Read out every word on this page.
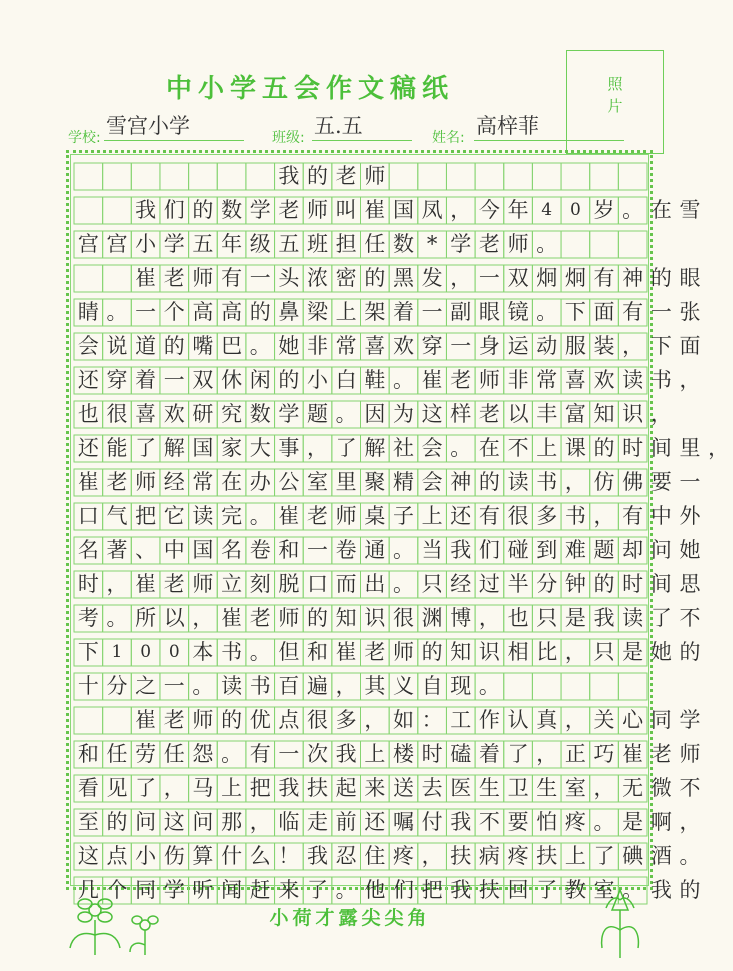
中小学五会作文稿纸	照
片
学校: 雪宫小学	班级: 五.五	姓名: 高梓菲
我 的 老 师
我 们 的 数 学 老 师 叫 崔 国 凤 ， 今 年 4	0 岁 。 在 雪
宫 宫 小 学 五 年 级 五 班 担 任 数 * 学 老 师 。
崔 老 师 有 一 头 浓 密 的 黑 发 ， 一 双 炯 炯 有 神 的 眼
睛 。 一 个 高 高 的 鼻 梁 上 架 着 一 副 眼 镜 。 下 面 有 一 张
会 说 道 的 嘴 巴 。 她 非 常 喜 欢 穿 一 身 运 动 服 装 ， 下 面
还 穿 着 一 双 休 闲 的 小 白 鞋 。 崔 老 师 非 常 喜 欢 读 书 ，
也 很 喜 欢 研 究 数 学 题 。 因 为 这 样 老 以 丰 富 知 识 ，
还 能 了 解 国 家 大 事 ， 了 解 社 会 。 在 不 上 课 的 时 间 里 ，
崔 老 师 经 常 在 办 公 室 里 聚 精 会 神 的 读 书 ， 仿 佛 要 一
口 气 把 它 读 完 。 崔 老 师 桌 子 上 还 有 很 多 书 ， 有 中 外
名 著 、 中 国 名 卷 和 一 卷 通 。 当 我 们 碰 到 难 题 却 问 她
时 ， 崔 老 师 立 刻 脱 口 而 出 。 只 经 过 半 分 钟 的 时 间 思
考 。 所 以 ， 崔 老 师 的 知 识 很 渊 博 ， 也 只 是 我 读 了 不
下 1	0	0 本 书 。 但 和 崔 老 师 的 知 识 相 比 ， 只 是 她 的
十 分 之 一 。 读 书 百 遍 ， 其 义 自 现 。
崔 老 师 的 优 点 很 多 ， 如 ： 工 作 认 真 ， 关 心 同 学
和 任 劳 任 怨 。 有 一 次 我 上 楼 时 磕 着 了 ， 正 巧 崔 老 师
看 见 了 ， 马 上 把 我 扶 起 来 送 去 医 生 卫 生 室 ， 无 微 不
至 的 问 这 问 那 ， 临 走 前 还 嘱 付 我 不 要 怕 疼 。 是 啊 ，
这 点 小 伤 算 什 么 ！ 我 忍 住 疼 ， 扶 病 疼 扶 上 了 碘 酒 。
几 个 同 学 听 闻 赶 来 了 。 他 们 把 我 扶 回 了 教 室 。 我 的
小荷才露尖尖角
